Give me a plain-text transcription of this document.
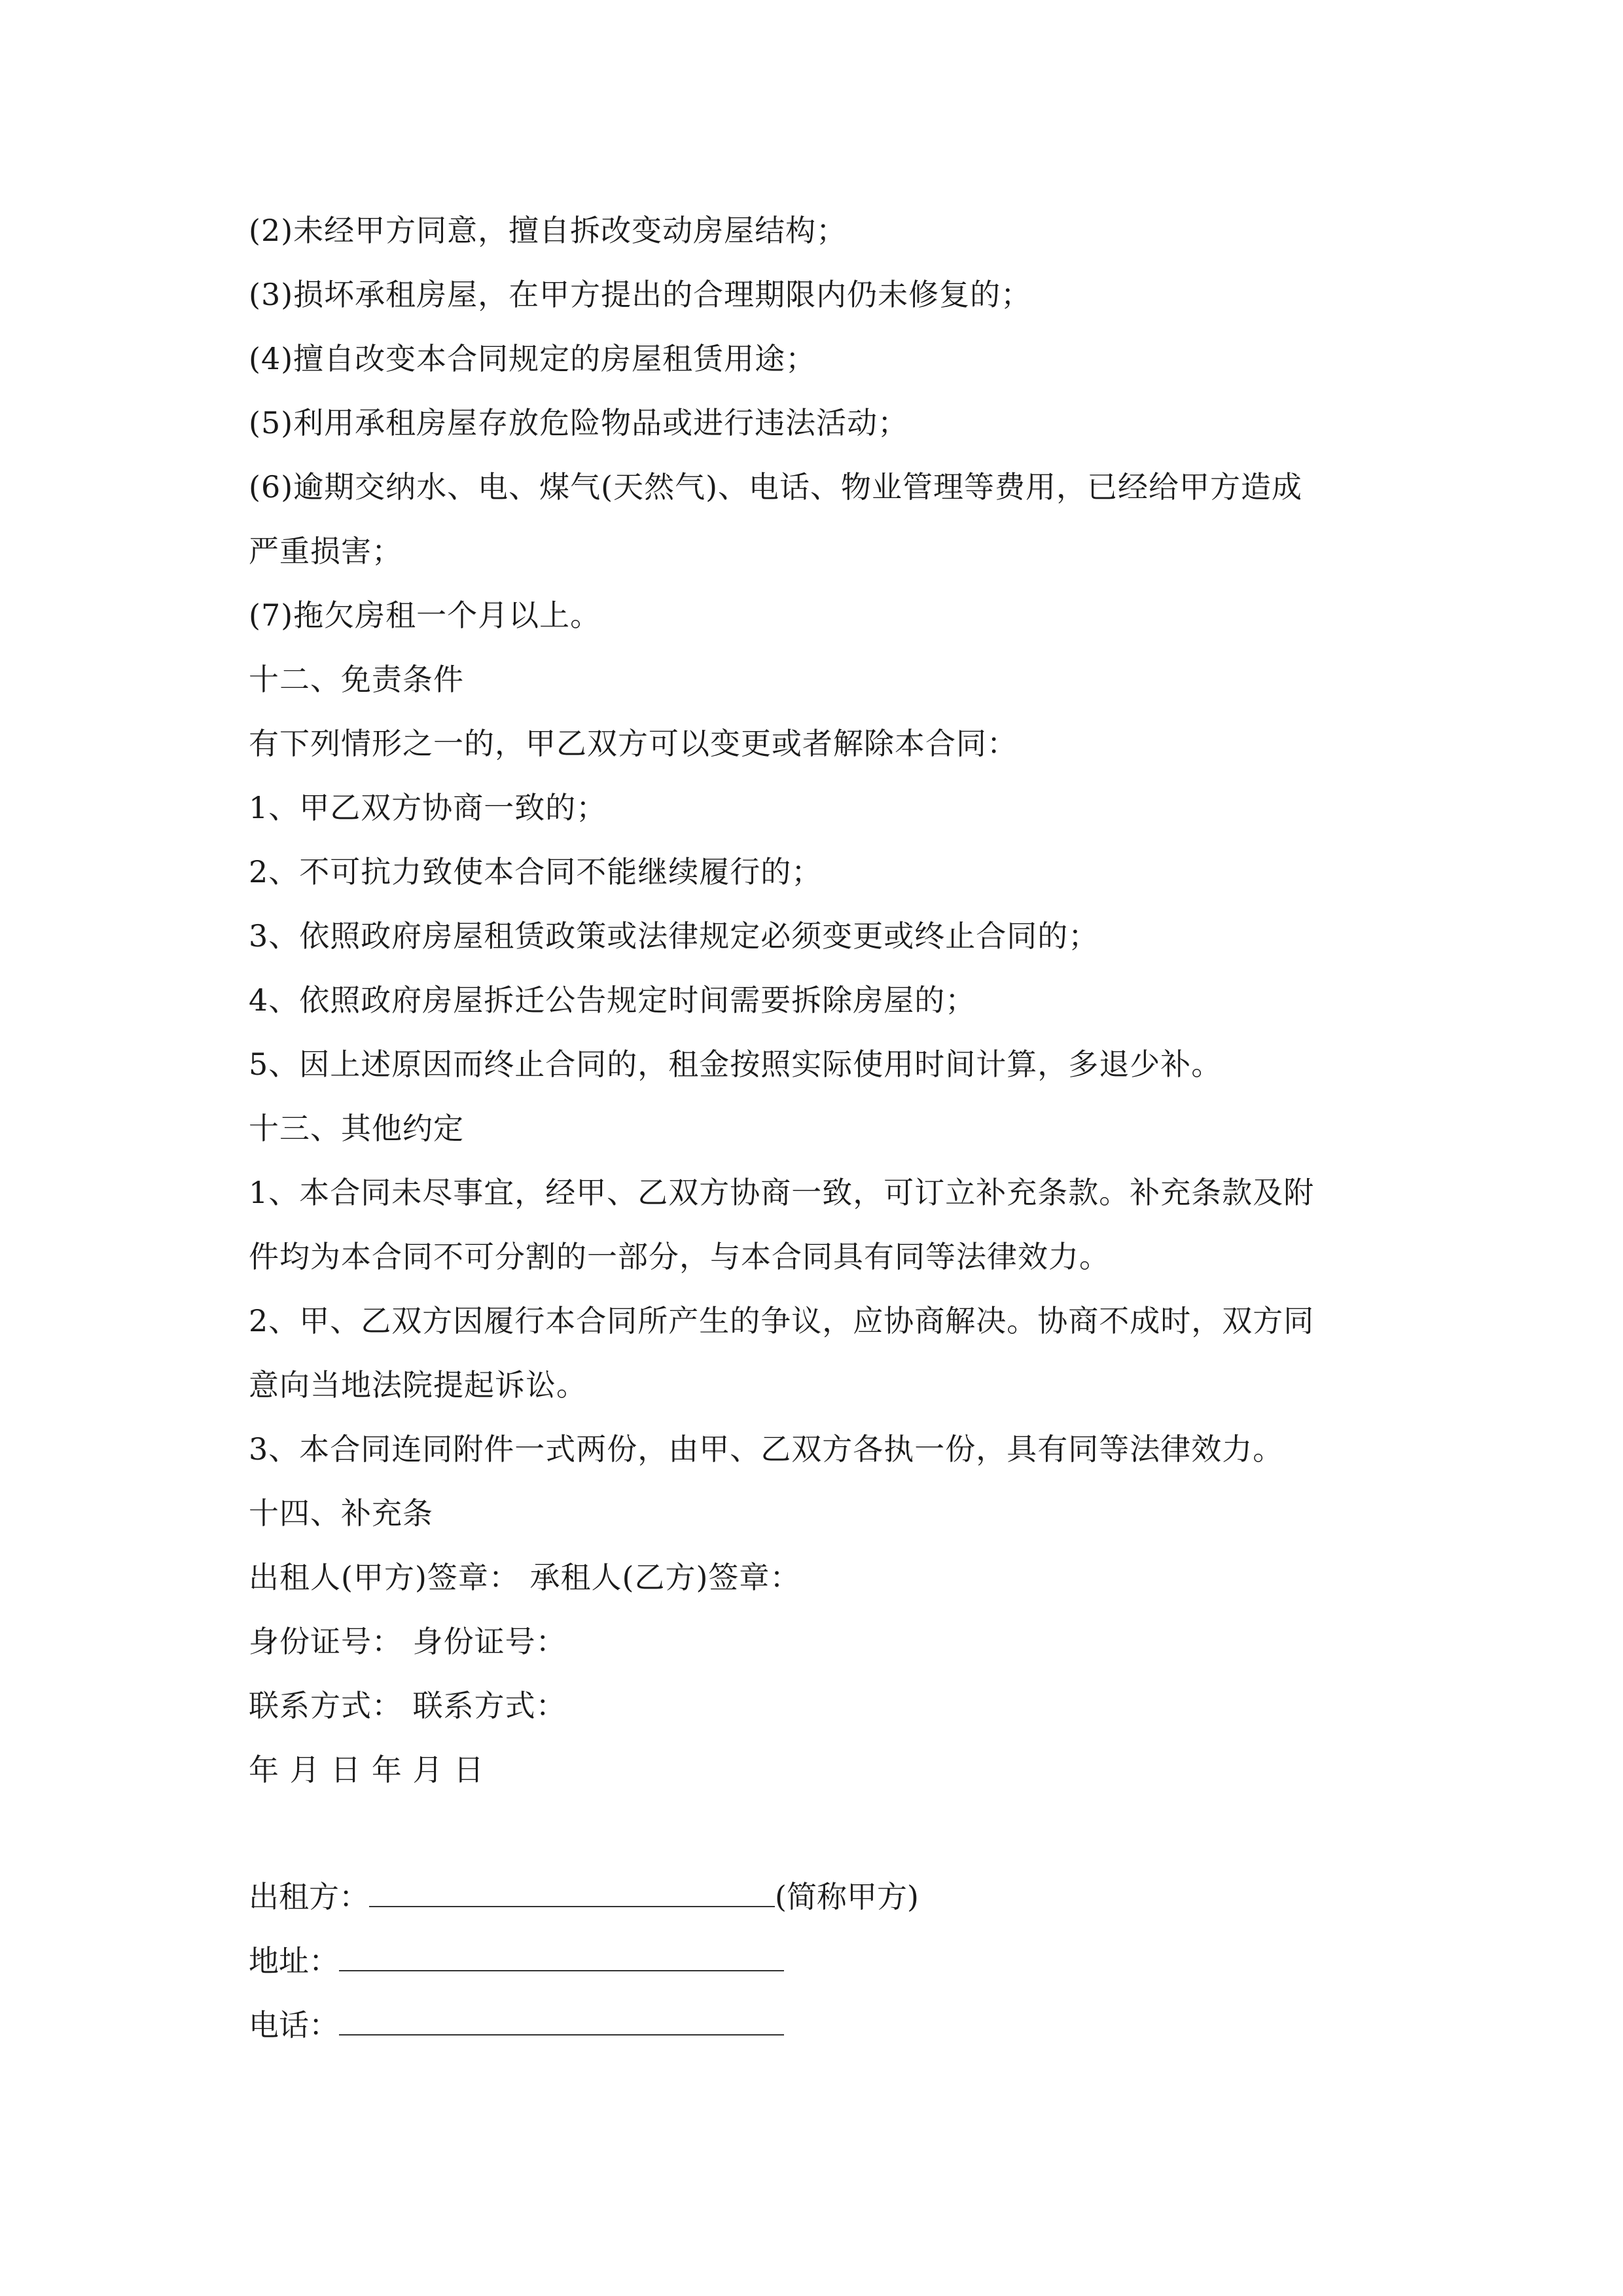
(2)未经甲方同意，擅自拆改变动房屋结构；
(3)损坏承租房屋，在甲方提出的合理期限内仍未修复的；
(4)擅自改变本合同规定的房屋租赁用途；
(5)利用承租房屋存放危险物品或进行违法活动；
(6)逾期交纳水、电、煤气(天然气)、电话、物业管理等费用，已经给甲方造成
严重损害；
(7)拖欠房租一个月以上。
十二、免责条件
有下列情形之一的，甲乙双方可以变更或者解除本合同：
1、甲乙双方协商一致的；
2、不可抗力致使本合同不能继续履行的；
3、依照政府房屋租赁政策或法律规定必须变更或终止合同的；
4、依照政府房屋拆迁公告规定时间需要拆除房屋的；
5、因上述原因而终止合同的，租金按照实际使用时间计算，多退少补。
十三、其他约定
1、本合同未尽事宜，经甲、乙双方协商一致，可订立补充条款。补充条款及附
件均为本合同不可分割的一部分，与本合同具有同等法律效力。
2、甲、乙双方因履行本合同所产生的争议，应协商解决。协商不成时，双方同
意向当地法院提起诉讼。
3、本合同连同附件一式两份，由甲、乙双方各执一份，具有同等法律效力。
十四、补充条
出租人(甲方)签章： 承租人(乙方)签章：
身份证号： 身份证号：
联系方式： 联系方式：
年 月 日 年 月 日
出租方：	(简称甲方)
地址：
电话：
